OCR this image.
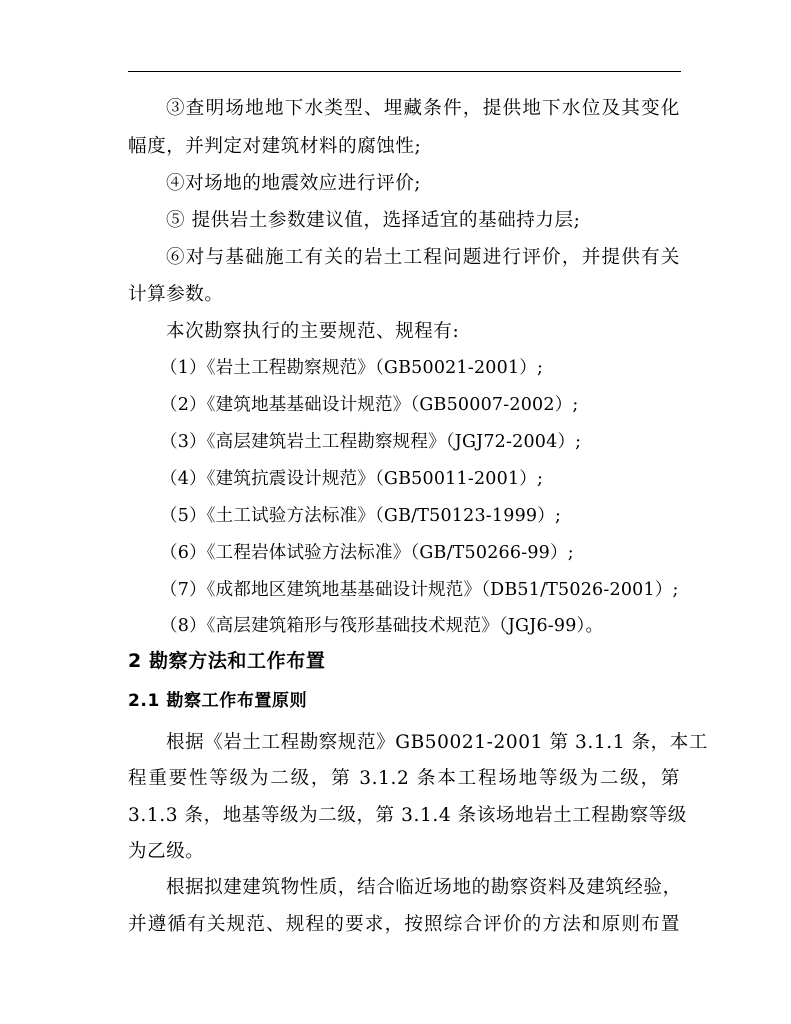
③查明场地地下水类型、埋藏条件，提供地下水位及其变化
幅度，并判定对建筑材料的腐蚀性;
④对场地的地震效应进行评价;
⑤ 提供岩土参数建议值，选择适宜的基础持力层;
⑥对与基础施工有关的岩土工程问题进行评价，并提供有关
计算参数。
本次勘察执行的主要规范、规程有:
（1）《岩土工程勘察规范》（GB50021-2001）;
（2）《建筑地基基础设计规范》（GB50007-2002）;
（3）《高层建筑岩土工程勘察规程》（JGJ72-2004）;
（4）《建筑抗震设计规范》（GB50011-2001）;
（5）《土工试验方法标准》（GB/T50123-1999）;
（6）《工程岩体试验方法标准》（GB/T50266-99）;
（7）《成都地区建筑地基基础设计规范》（DB51/T5026-2001）;
（8）《高层建筑箱形与筏形基础技术规范》（JGJ6-99）。
2 勘察方法和工作布置
2.1 勘察工作布置原则
根据《岩土工程勘察规范》GB50021-2001 第 3.1.1 条，本工
程重要性等级为二级，第 3.1.2 条本工程场地等级为二级，第
3.1.3 条，地基等级为二级，第 3.1.4 条该场地岩土工程勘察等级
为乙级。
根据拟建建筑物性质，结合临近场地的勘察资料及建筑经验，
并遵循有关规范、规程的要求，按照综合评价的方法和原则布置
